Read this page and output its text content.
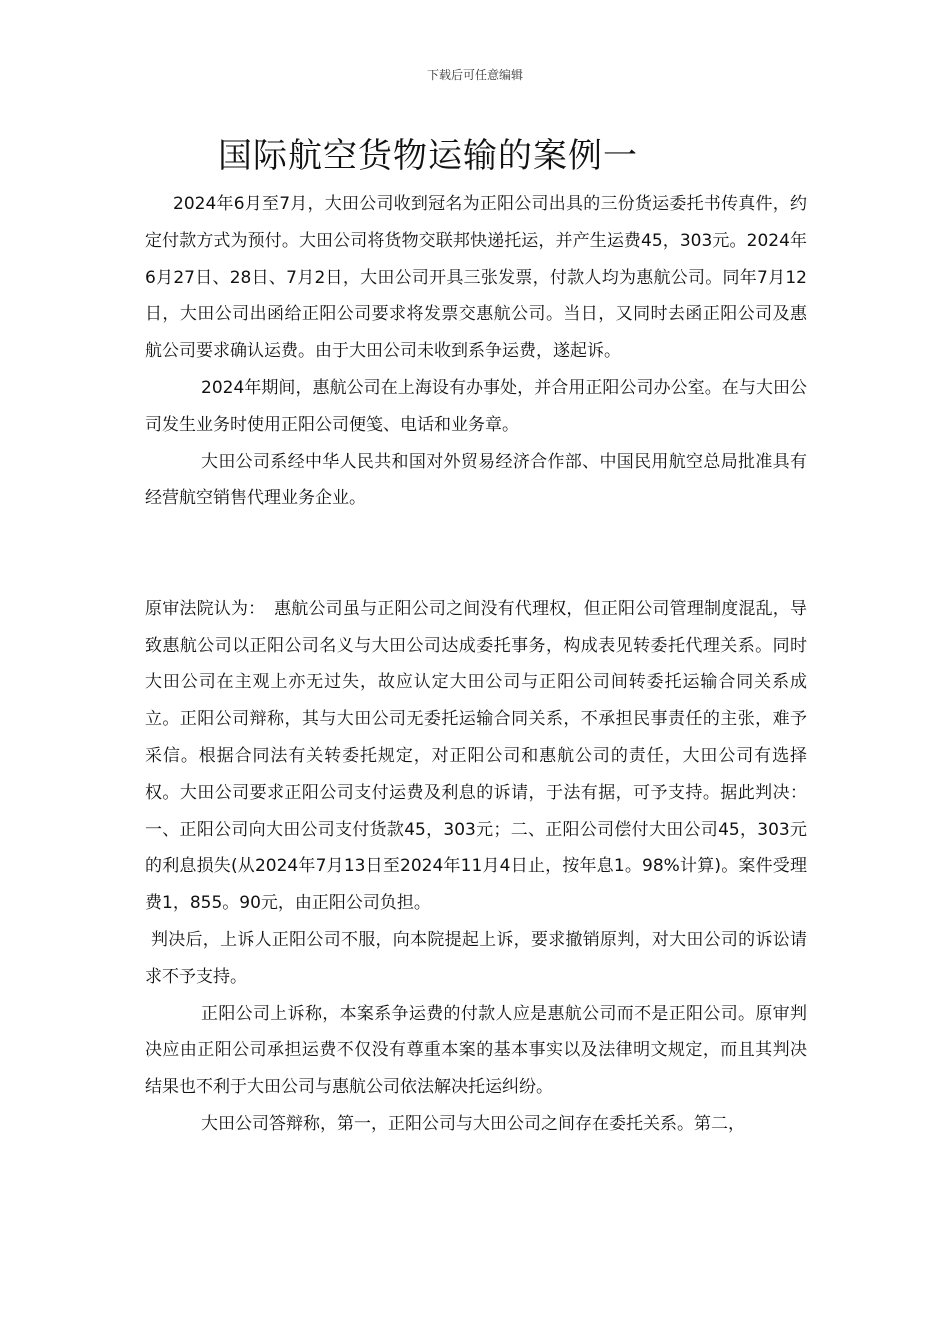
下载后可任意编辑
国际航空货物运输的案例一

2024年6月至7月，大田公司收到冠名为正阳公司出具的三份货运委托书传真件，约定付款方式为预付。大田公司将货物交联邦快递托运，并产生运费45，303元。2024年6月27日、28日、7月2日，大田公司开具三张发票，付款人均为惠航公司。同年7月12日，大田公司出函给正阳公司要求将发票交惠航公司。当日，又同时去函正阳公司及惠航公司要求确认运费。由于大田公司未收到系争运费，遂起诉。

2024年期间，惠航公司在上海设有办事处，并合用正阳公司办公室。在与大田公司发生业务时使用正阳公司便笺、电话和业务章。

大田公司系经中华人民共和国对外贸易经济合作部、中国民用航空总局批准具有经营航空销售代理业务企业。

原审法院认为：　惠航公司虽与正阳公司之间没有代理权，但正阳公司管理制度混乱，导致惠航公司以正阳公司名义与大田公司达成委托事务，构成表见转委托代理关系。同时大田公司在主观上亦无过失，故应认定大田公司与正阳公司间转委托运输合同关系成立。正阳公司辩称，其与大田公司无委托运输合同关系，不承担民事责任的主张，难予采信。根据合同法有关转委托规定，对正阳公司和惠航公司的责任，大田公司有选择权。大田公司要求正阳公司支付运费及利息的诉请，于法有据，可予支持。据此判决：一、正阳公司向大田公司支付货款45，303元；二、正阳公司偿付大田公司45，303元的利息损失(从2024年7月13日至2024年11月4日止，按年息1。98%计算)。案件受理费1，855。90元，由正阳公司负担。

判决后，上诉人正阳公司不服，向本院提起上诉，要求撤销原判，对大田公司的诉讼请求不予支持。

正阳公司上诉称，本案系争运费的付款人应是惠航公司而不是正阳公司。原审判决应由正阳公司承担运费不仅没有尊重本案的基本事实以及法律明文规定，而且其判决结果也不利于大田公司与惠航公司依法解决托运纠纷。

大田公司答辩称，第一，正阳公司与大田公司之间存在委托关系。第二，
